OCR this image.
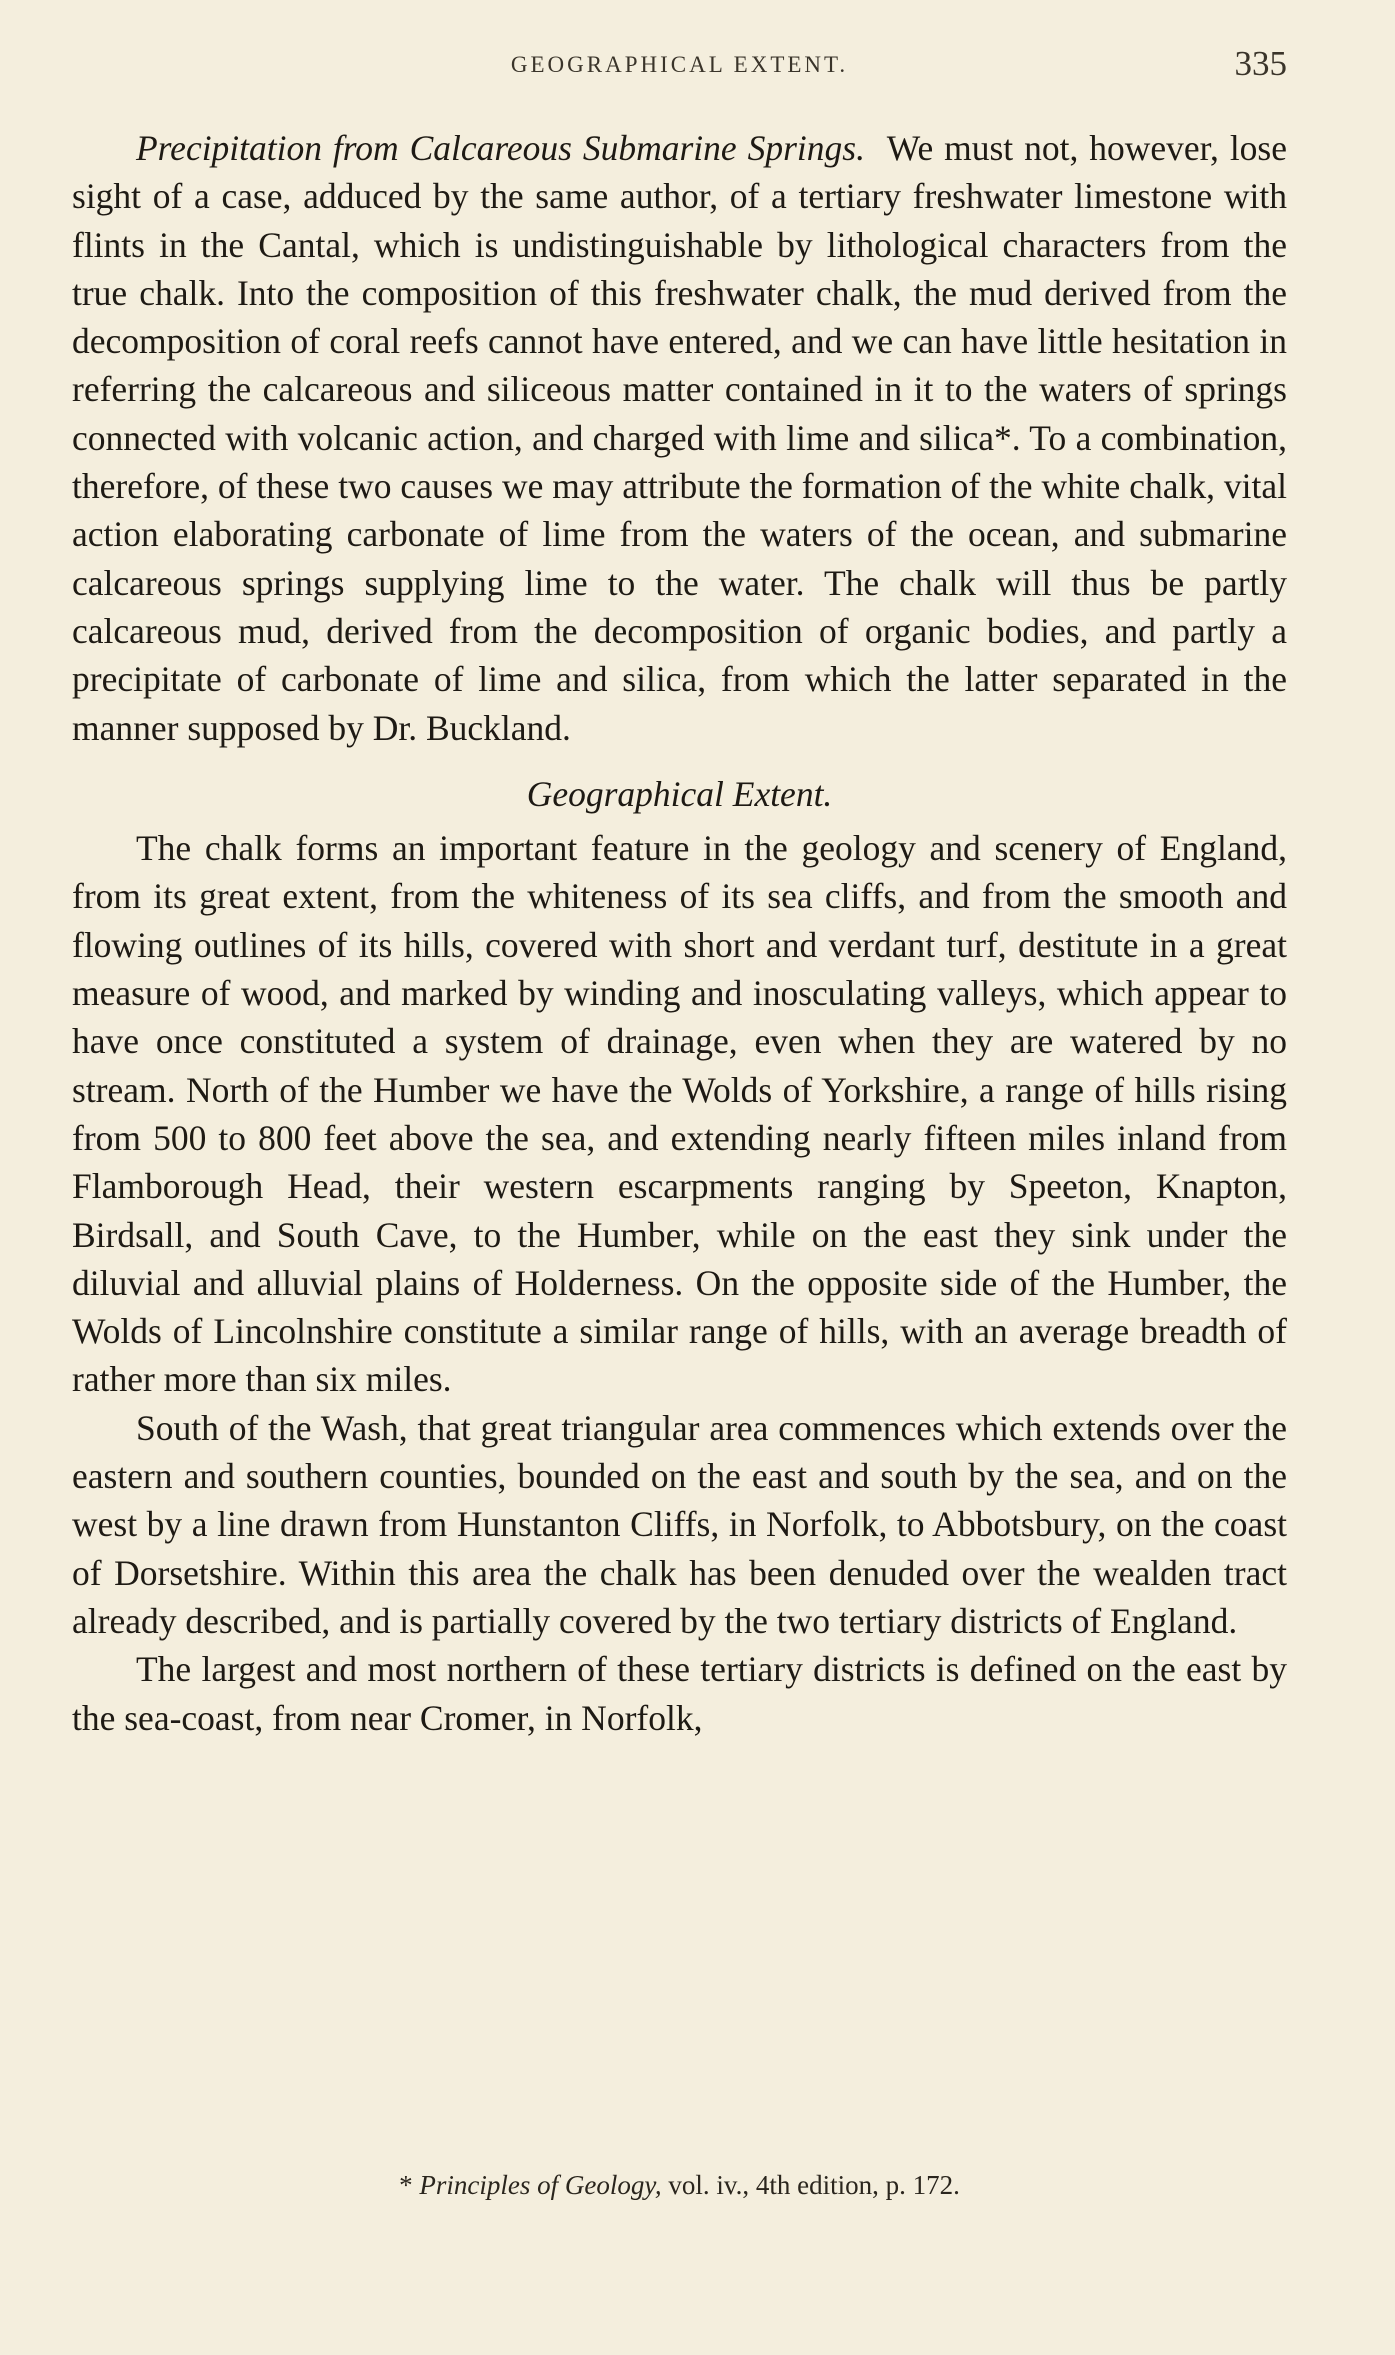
GEOGRAPHICAL EXTENT.	335

Precipitation from Calcareous Submarine Springs. We must not, however, lose sight of a case, adduced by the same author, of a tertiary freshwater limestone with flints in the Cantal, which is undistinguishable by lithological characters from the true chalk. Into the composition of this freshwater chalk, the mud derived from the decomposition of coral reefs cannot have entered, and we can have little hesitation in referring the calcareous and siliceous matter contained in it to the waters of springs connected with volcanic action, and charged with lime and silica*. To a combination, therefore, of these two causes we may attribute the formation of the white chalk, vital action elaborating carbonate of lime from the waters of the ocean, and submarine calcareous springs supplying lime to the water. The chalk will thus be partly calcareous mud, derived from the decomposition of organic bodies, and partly a precipitate of carbonate of lime and silica, from which the latter separated in the manner supposed by Dr. Buckland.

Geographical Extent.

The chalk forms an important feature in the geology and scenery of England, from its great extent, from the whiteness of its sea cliffs, and from the smooth and flowing outlines of its hills, covered with short and verdant turf, destitute in a great measure of wood, and marked by winding and inosculating valleys, which appear to have once constituted a system of drainage, even when they are watered by no stream. North of the Humber we have the Wolds of Yorkshire, a range of hills rising from 500 to 800 feet above the sea, and extending nearly fifteen miles inland from Flamborough Head, their western escarpments ranging by Speeton, Knapton, Birdsall, and South Cave, to the Humber, while on the east they sink under the diluvial and alluvial plains of Holderness. On the opposite side of the Humber, the Wolds of Lincolnshire constitute a similar range of hills, with an average breadth of rather more than six miles.

South of the Wash, that great triangular area commences which extends over the eastern and southern counties, bounded on the east and south by the sea, and on the west by a line drawn from Hunstanton Cliffs, in Norfolk, to Abbotsbury, on the coast of Dorsetshire. Within this area the chalk has been denuded over the wealden tract already described, and is partially covered by the two tertiary districts of England.

The largest and most northern of these tertiary districts is defined on the east by the sea-coast, from near Cromer, in Norfolk,

* Principles of Geology, vol. iv., 4th edition, p. 172.
